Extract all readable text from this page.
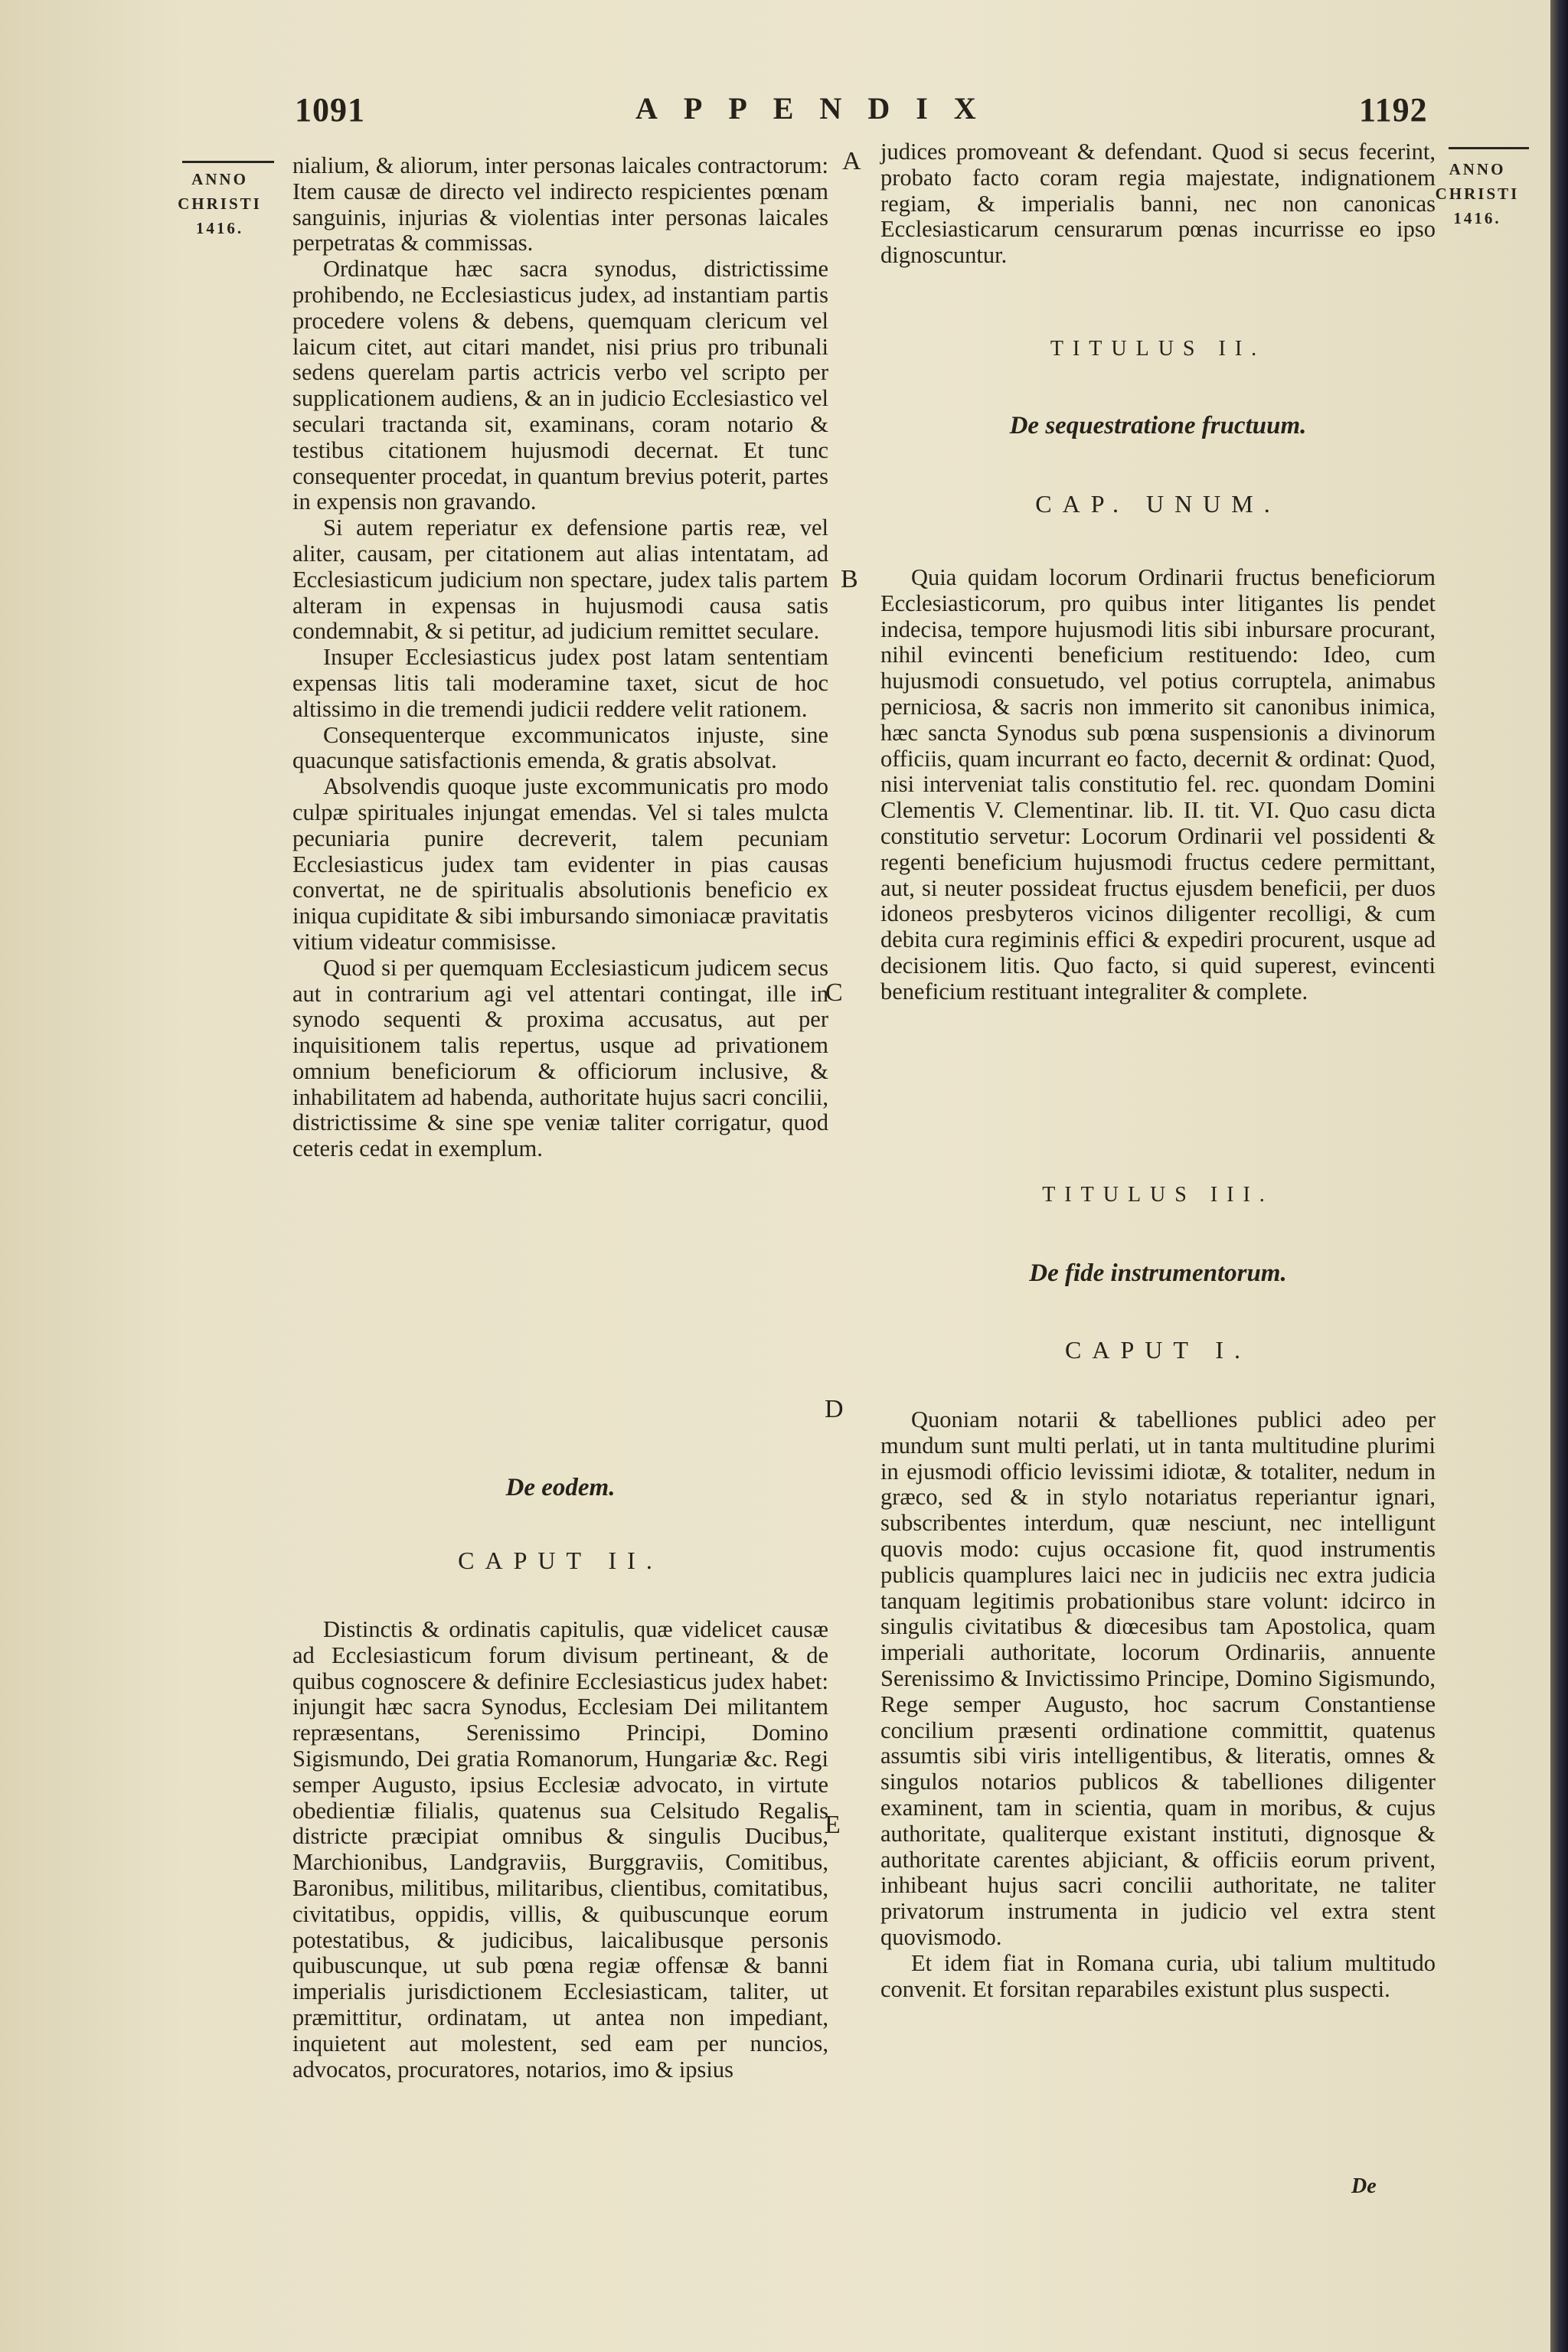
1091	APPENDIX	1192
ANNO
CHRISTI
1416.
ANNO
CHRISTI
1416.
A
B
C
D
E

nialium, & aliorum, inter personas laicales contractorum: Item causæ de directo vel indirecto respicientes pœnam sanguinis, injurias & violentias inter personas laicales perpetratas & commissas.

Ordinatque hæc sacra synodus, districtissime prohibendo, ne Ecclesiasticus judex, ad instantiam partis procedere volens & debens, quemquam clericum vel laicum citet, aut citari mandet, nisi prius pro tribunali sedens querelam partis actricis verbo vel scripto per supplicationem audiens, & an in judicio Ecclesiastico vel seculari tractanda sit, examinans, coram notario & testibus citationem hujusmodi decernat. Et tunc consequenter procedat, in quantum brevius poterit, partes in expensis non gravando.

Si autem reperiatur ex defensione partis reæ, vel aliter, causam, per citationem aut alias intentatam, ad Ecclesiasticum judicium non spectare, judex talis partem alteram in expensas in hujusmodi causa satis condemnabit, & si petitur, ad judicium remittet seculare.

Insuper Ecclesiasticus judex post latam sententiam expensas litis tali moderamine taxet, sicut de hoc altissimo in die tremendi judicii reddere velit rationem.

Consequenterque excommunicatos injuste, sine quacunque satisfactionis emenda, & gratis absolvat.

Absolvendis quoque juste excommunicatis pro modo culpæ spirituales injungat emendas. Vel si tales mulcta pecuniaria punire decreverit, talem pecuniam Ecclesiasticus judex tam evidenter in pias causas convertat, ne de spiritualis absolutionis beneficio ex iniqua cupiditate & sibi imbursando simoniacæ pravitatis vitium videatur commisisse.

Quod si per quemquam Ecclesiasticum judicem secus aut in contrarium agi vel attentari contingat, ille in synodo sequenti & proxima accusatus, aut per inquisitionem talis repertus, usque ad privationem omnium beneficiorum & officiorum inclusive, & inhabilitatem ad habenda, authoritate hujus sacri concilii, districtissime & sine spe veniæ taliter corrigatur, quod ceteris cedat in exemplum.

De eodem.
CAPUT II.

Distinctis & ordinatis capitulis, quæ videlicet causæ ad Ecclesiasticum forum divisum pertineant, & de quibus cognoscere & definire Ecclesiasticus judex habet: injungit hæc sacra Synodus, Ecclesiam Dei militantem repræsentans, Serenissimo Principi, Domino Sigismundo, Dei gratia Romanorum, Hungariæ &c. Regi semper Augusto, ipsius Ecclesiæ advocato, in virtute obedientiæ filialis, quatenus sua Celsitudo Regalis districte præcipiat omnibus & singulis Ducibus, Marchionibus, Landgraviis, Burggraviis, Comitibus, Baronibus, militibus, militaribus, clientibus, comitatibus, civitatibus, oppidis, villis, & quibuscunque eorum potestatibus, & judicibus, laicalibusque personis quibuscunque, ut sub pœna regiæ offensæ & banni imperialis jurisdictionem Ecclesiasticam, taliter, ut præmittitur, ordinatam, ut antea non impediant, inquietent aut molestent, sed eam per nuncios, advocatos, procuratores, notarios, imo & ipsius

judices promoveant & defendant. Quod si secus fecerint, probato facto coram regia majestate, indignationem regiam, & imperialis banni, nec non canonicas Ecclesiasticarum censurarum pœnas incurrisse eo ipso dignoscuntur.

TITULUS II.
De sequestratione fructuum.
CAP. UNUM.

Quia quidam locorum Ordinarii fructus beneficiorum Ecclesiasticorum, pro quibus inter litigantes lis pendet indecisa, tempore hujusmodi litis sibi inbursare procurant, nihil evincenti beneficium restituendo: Ideo, cum hujusmodi consuetudo, vel potius corruptela, animabus perniciosa, & sacris non immerito sit canonibus inimica, hæc sancta Synodus sub pœna suspensionis a divinorum officiis, quam incurrant eo facto, decernit & ordinat: Quod, nisi interveniat talis constitutio fel. rec. quondam Domini Clementis V. Clementinar. lib. II. tit. VI. Quo casu dicta constitutio servetur: Locorum Ordinarii vel possidenti & regenti beneficium hujusmodi fructus cedere permittant, aut, si neuter possideat fructus ejusdem beneficii, per duos idoneos presbyteros vicinos diligenter recolligi, & cum debita cura regiminis effici & expediri procurent, usque ad decisionem litis. Quo facto, si quid superest, evincenti beneficium restituant integraliter & complete.

TITULUS III.
De fide instrumentorum.
CAPUT I.

Quoniam notarii & tabelliones publici adeo per mundum sunt multi perlati, ut in tanta multitudine plurimi in ejusmodi officio levissimi idiotæ, & totaliter, nedum in græco, sed & in stylo notariatus reperiantur ignari, subscribentes interdum, quæ nesciunt, nec intelligunt quovis modo: cujus occasione fit, quod instrumentis publicis quamplures laici nec in judiciis nec extra judicia tanquam legitimis probationibus stare volunt: idcirco in singulis civitatibus & diœcesibus tam Apostolica, quam imperiali authoritate, locorum Ordinariis, annuente Serenissimo & Invictissimo Principe, Domino Sigismundo, Rege semper Augusto, hoc sacrum Constantiense concilium præsenti ordinatione committit, quatenus assumtis sibi viris intelligentibus, & literatis, omnes & singulos notarios publicos & tabelliones diligenter examinent, tam in scientia, quam in moribus, & cujus authoritate, qualiterque existant instituti, dignosque & authoritate carentes abjiciant, & officiis eorum privent, inhibeant hujus sacri concilii authoritate, ne taliter privatorum instrumenta in judicio vel extra stent quovismodo.

Et idem fiat in Romana curia, ubi talium multitudo convenit. Et forsitan reparabiles existunt plus suspecti.

De
